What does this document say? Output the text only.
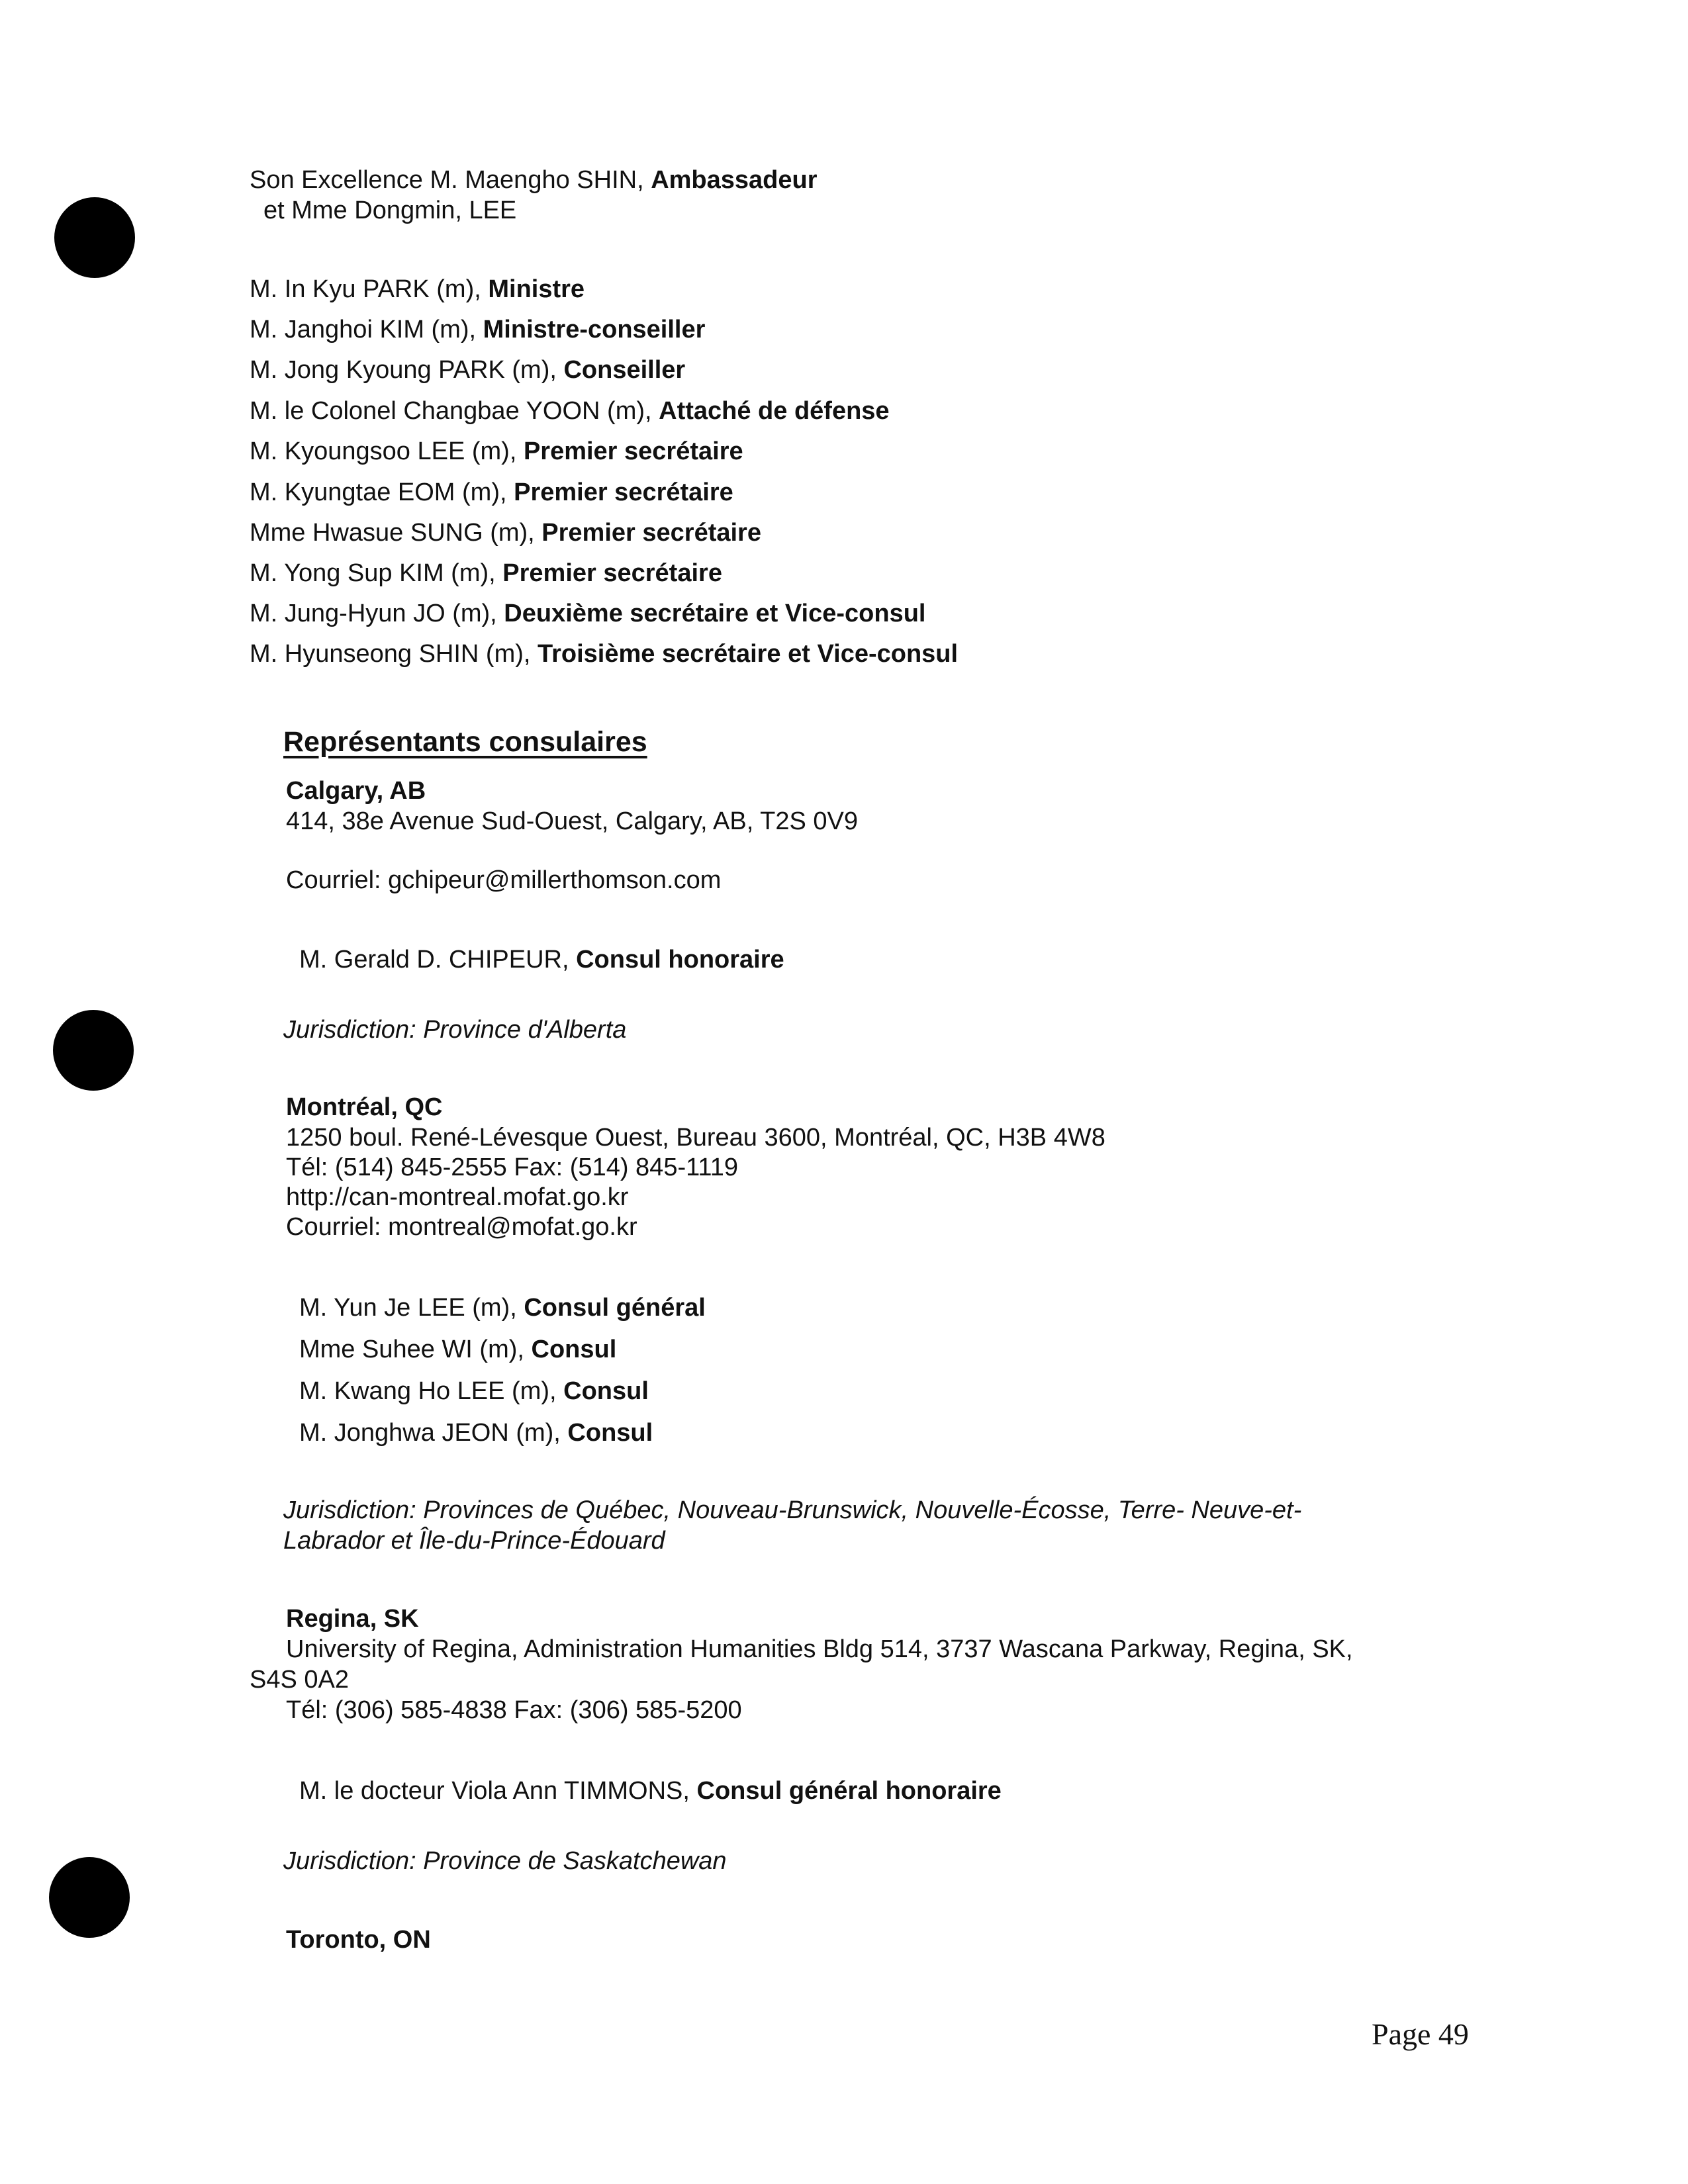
Son Excellence M. Maengho SHIN, Ambassadeur
et Mme Dongmin, LEE
M. In Kyu PARK (m), Ministre
M. Janghoi KIM (m), Ministre-conseiller
M. Jong Kyoung PARK (m), Conseiller
M. le Colonel Changbae YOON (m), Attaché de défense
M. Kyoungsoo LEE (m), Premier secrétaire
M. Kyungtae EOM (m), Premier secrétaire
Mme Hwasue SUNG (m), Premier secrétaire
M. Yong Sup KIM (m), Premier secrétaire
M. Jung-Hyun JO (m), Deuxième secrétaire et Vice-consul
M. Hyunseong SHIN (m), Troisième secrétaire et Vice-consul
Représentants consulaires
Calgary, AB
414, 38e Avenue Sud-Ouest, Calgary, AB, T2S 0V9
Courriel: gchipeur@millerthomson.com
M. Gerald D. CHIPEUR, Consul honoraire
Jurisdiction: Province d'Alberta
Montréal, QC
1250 boul. René-Lévesque Ouest, Bureau 3600, Montréal, QC, H3B 4W8
Tél: (514) 845-2555 Fax: (514) 845-1119
http://can-montreal.mofat.go.kr
Courriel: montreal@mofat.go.kr
M. Yun Je LEE (m), Consul général
Mme Suhee WI (m), Consul
M. Kwang Ho LEE (m), Consul
M. Jonghwa JEON (m), Consul
Jurisdiction: Provinces de Québec, Nouveau-Brunswick, Nouvelle-Écosse, Terre- Neuve-et-
Labrador et Île-du-Prince-Édouard
Regina, SK
University of Regina, Administration Humanities Bldg 514, 3737 Wascana Parkway, Regina, SK,
S4S 0A2
Tél: (306) 585-4838 Fax: (306) 585-5200
M. le docteur Viola Ann TIMMONS, Consul général honoraire
Jurisdiction: Province de Saskatchewan
Toronto, ON
Page 49
